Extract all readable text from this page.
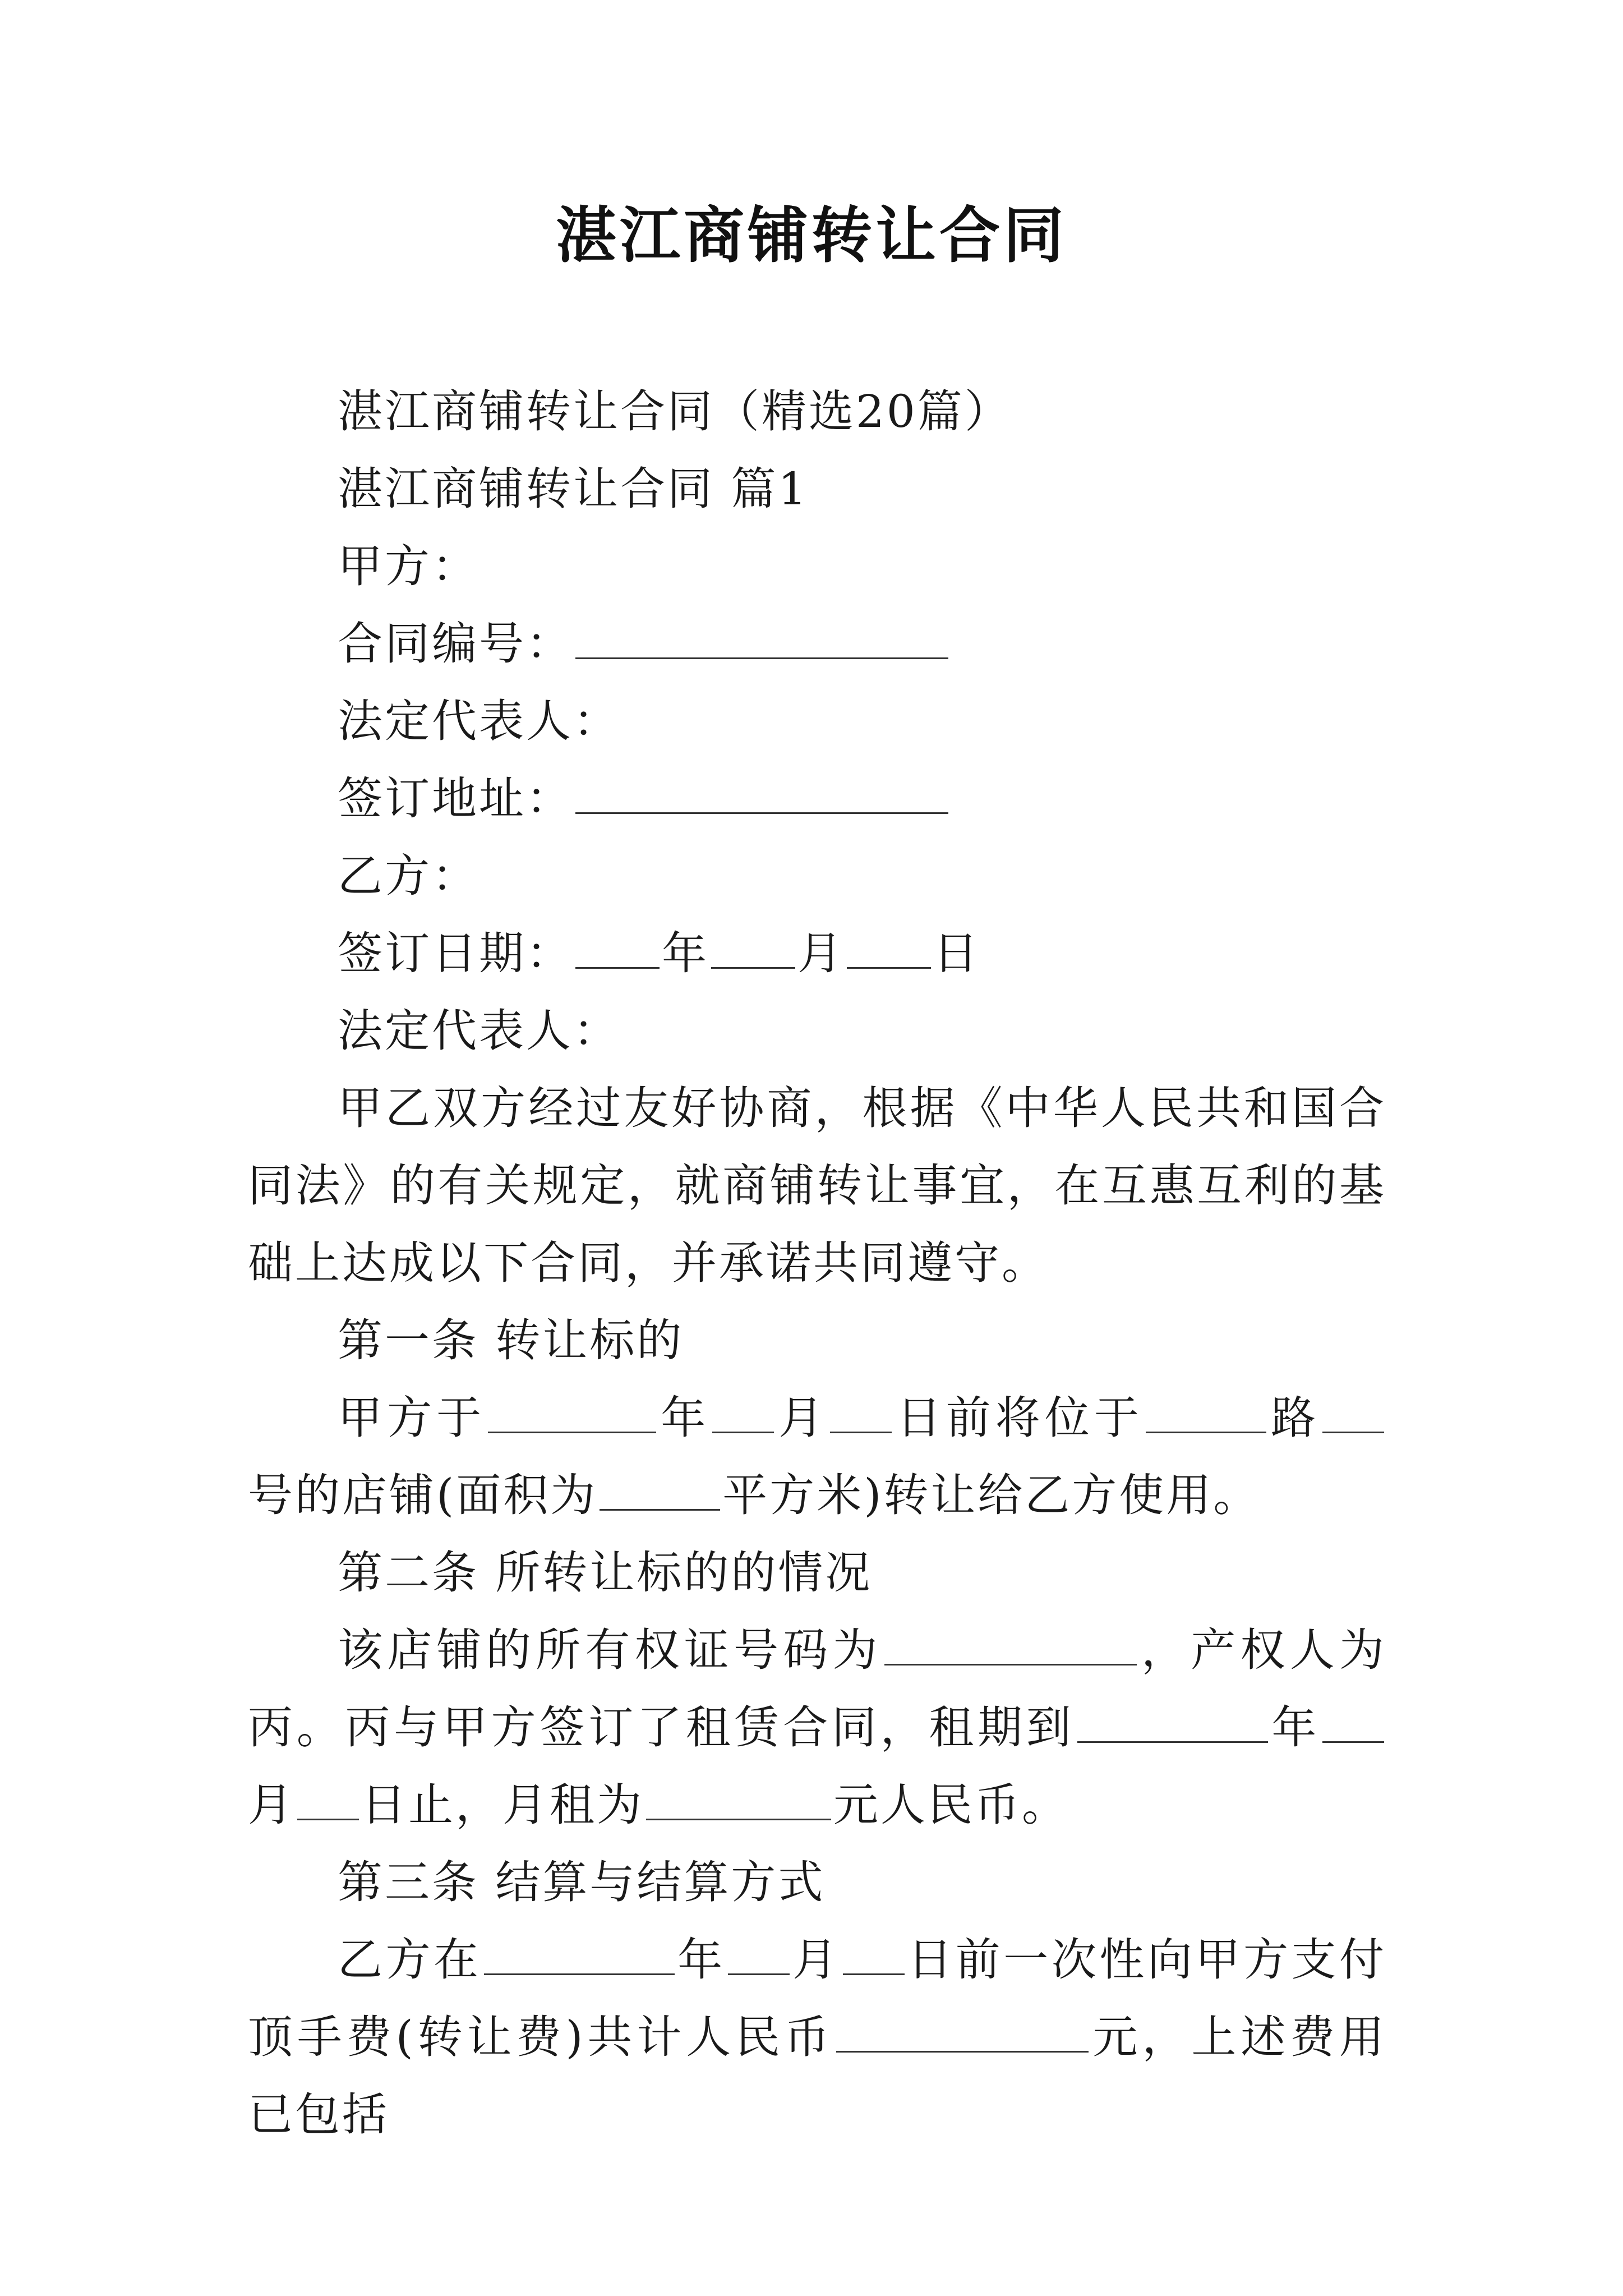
湛江商铺转让合同
湛江商铺转让合同（精选20篇）
湛江商铺转让合同 篇1
甲方：
合同编号：
法定代表人：
签订地址：
乙方：
签订日期： 年 月 日
法定代表人：
甲乙双方经过友好协商，根据《中华人民共和国合同法》的有关规定，就商铺转让事宜，在互惠互利的基础上达成以下合同，并承诺共同遵守。
第一条 转让标的
甲方于	年 月 日前将位于	路号的店铺(面积为	平方米)转让给乙方使用。
第二条 所转让标的的情况
该店铺的所有权证号码为	，产权人为丙。丙与甲方签订了租赁合同，租期到	年月 日止，月租为	元人民币。
第三条 结算与结算方式
乙方在	年 月 日前一次性向甲方支付顶手费(转让费)共计人民币	元，上述费用已包括
